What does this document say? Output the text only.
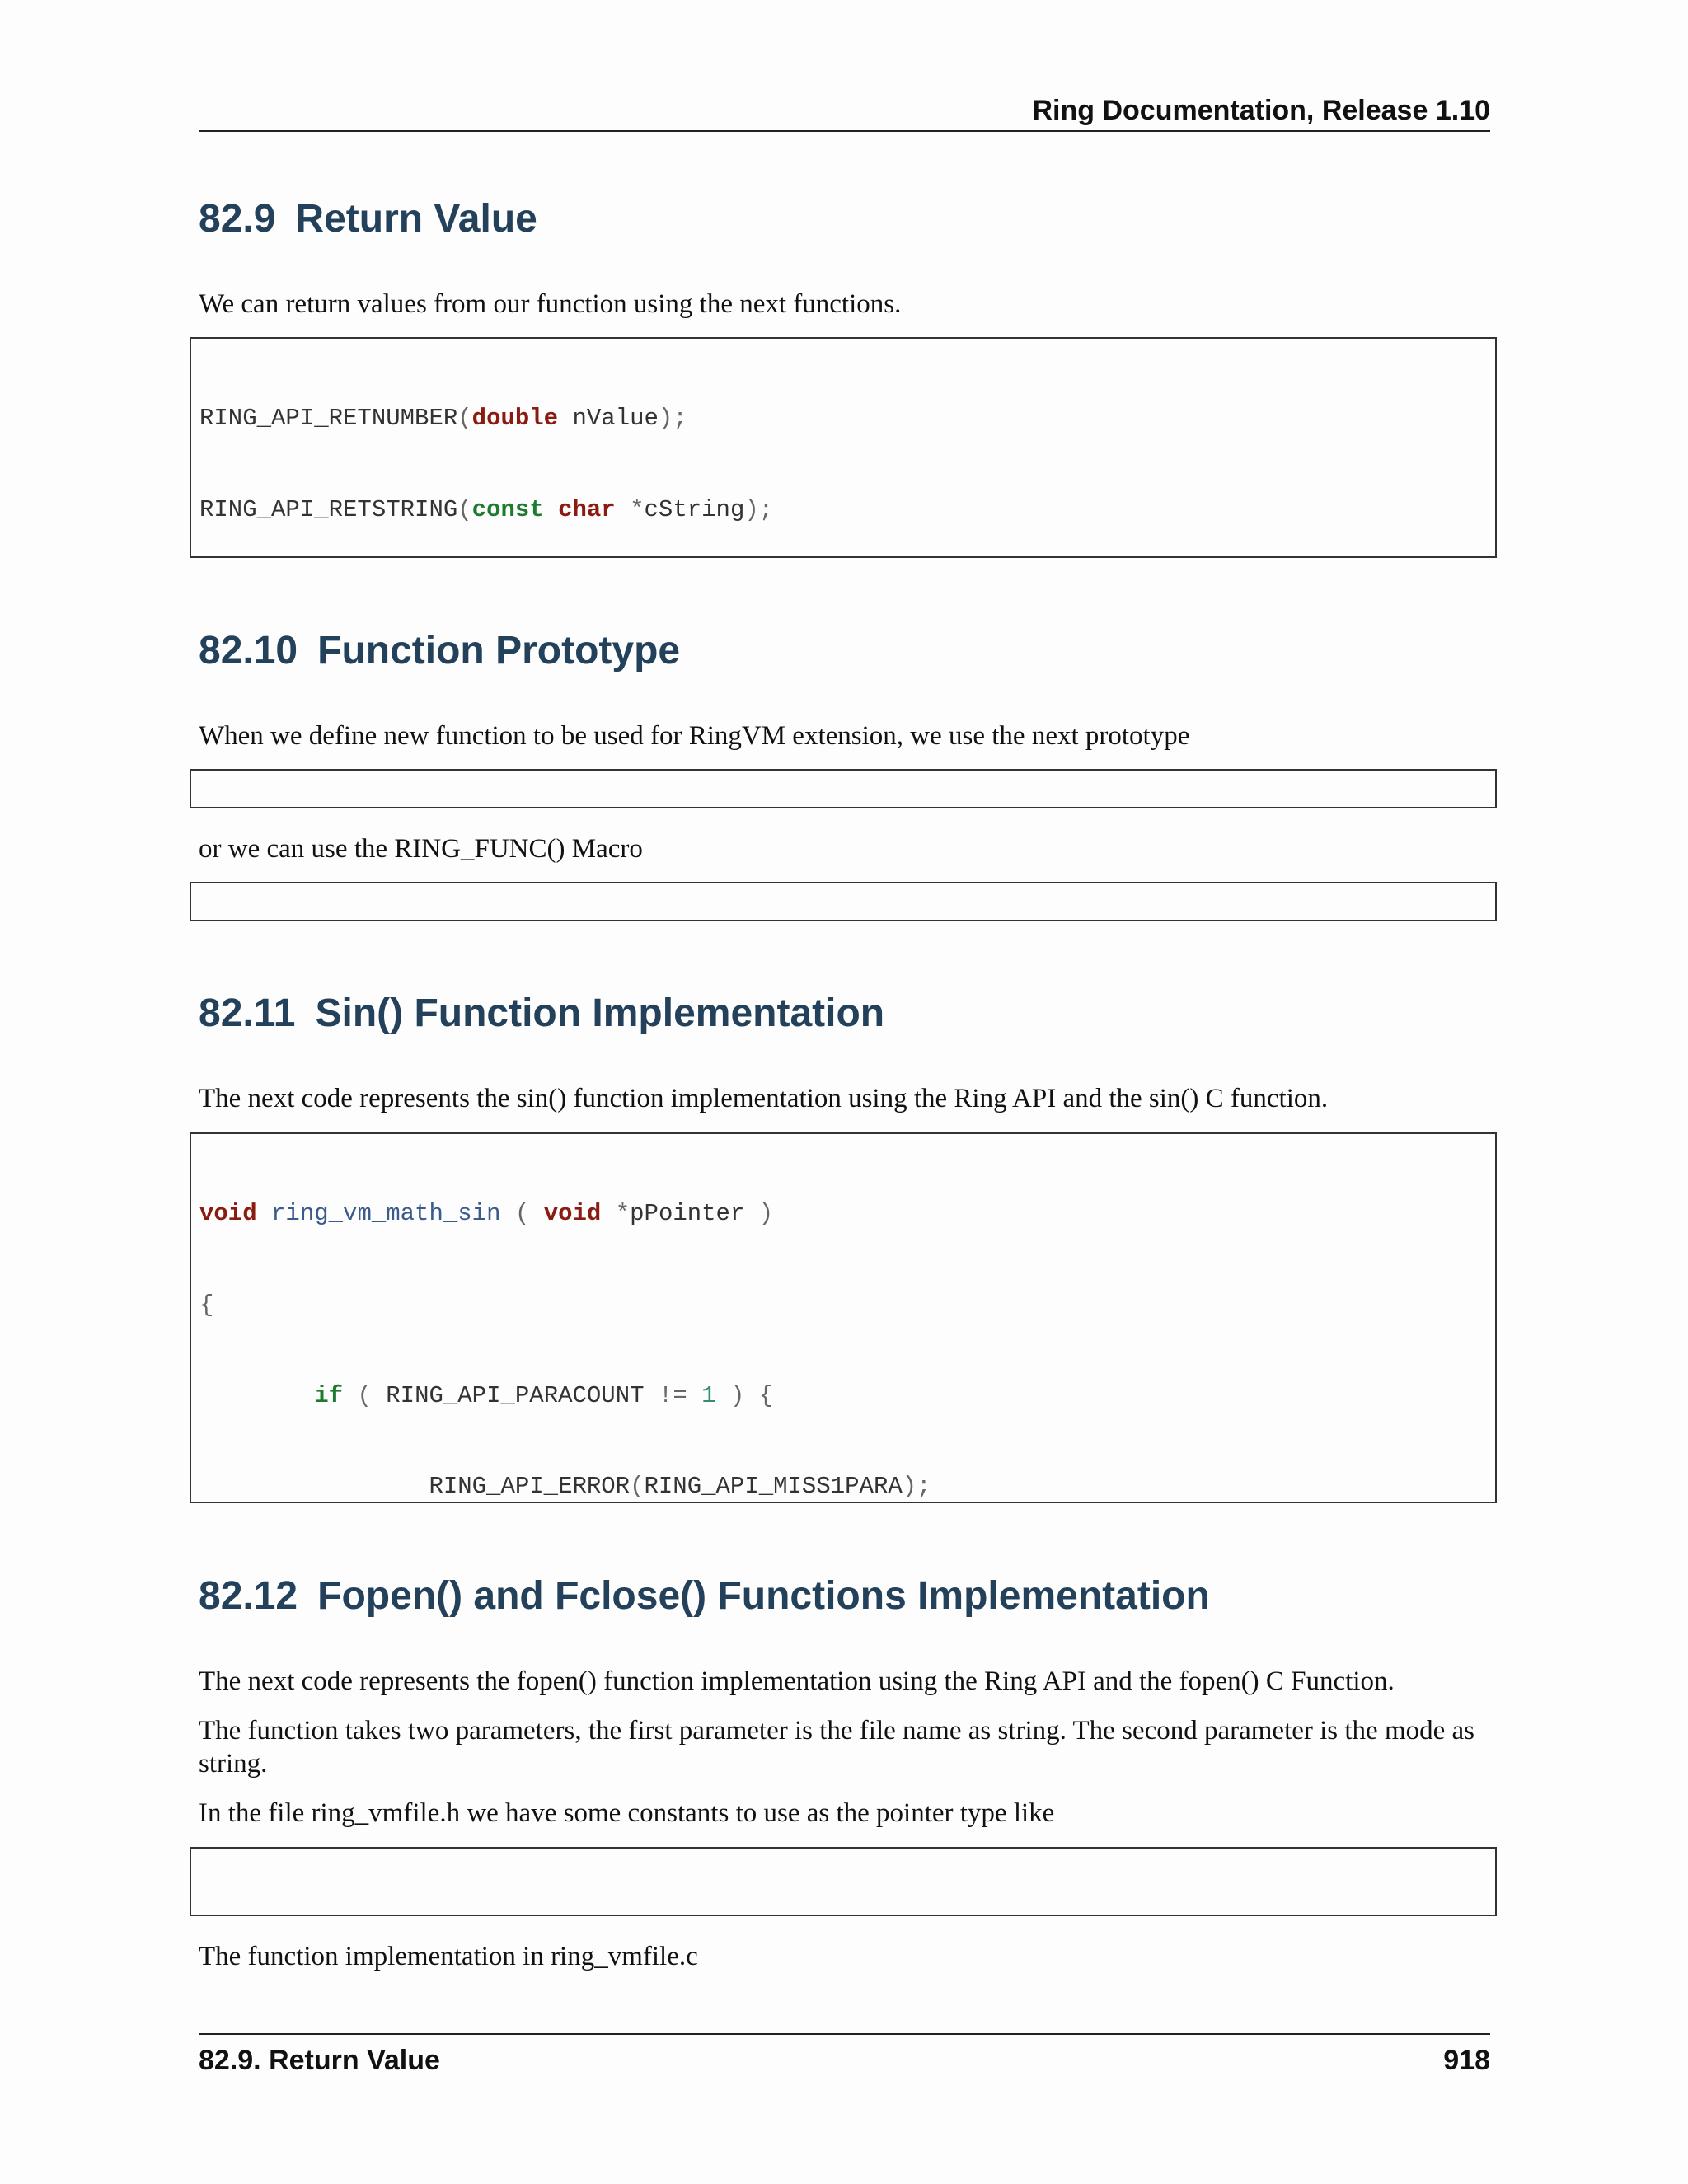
Ring Documentation, Release 1.10
82.9 Return Value

We can return values from our function using the next functions.

RING_API_RETNUMBER(double nValue);

RING_API_RETSTRING(const char *cString);

82.10 Function Prototype

When we define new function to be used for RingVM extension, we use the next prototype

or we can use the RING_FUNC() Macro

82.11 Sin() Function Implementation

The next code represents the sin() function implementation using the Ring API and the sin() C function.

void ring_vm_math_sin ( void *pPointer )

{

if ( RING_API_PARACOUNT != 1 ) {

RING_API_ERROR(RING_API_MISS1PARA);

82.12 Fopen() and Fclose() Functions Implementation

The next code represents the fopen() function implementation using the Ring API and the fopen() C Function.

The function takes two parameters, the first parameter is the file name as string. The second parameter is the mode as string.

In the file ring_vmfile.h we have some constants to use as the pointer type like

The function implementation in ring_vmfile.c

82.9. Return Value	918
